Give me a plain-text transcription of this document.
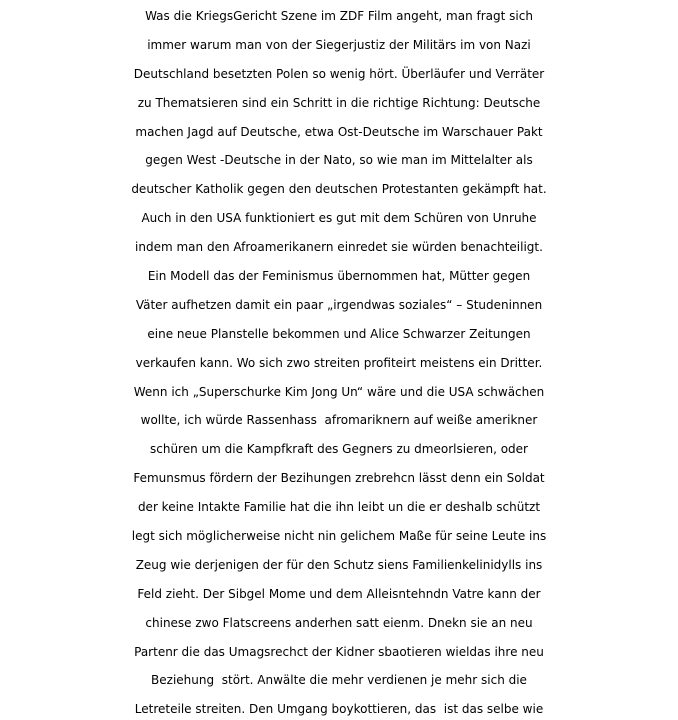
Was die KriegsGericht Szene im ZDF Film angeht, man fragt sich
immer warum man von der Siegerjustiz der Militärs im von Nazi
Deutschland besetzten Polen so wenig hört. Überläufer und Verräter
zu Thematsieren sind ein Schritt in die richtige Richtung: Deutsche
machen Jagd auf Deutsche, etwa Ost-Deutsche im Warschauer Pakt
gegen West -Deutsche in der Nato, so wie man im Mittelalter als
deutscher Katholik gegen den deutschen Protestanten gekämpft hat.
Auch in den USA funktioniert es gut mit dem Schüren von Unruhe
indem man den Afroamerikanern einredet sie würden benachteiligt.
Ein Modell das der Feminismus übernommen hat, Mütter gegen
Väter aufhetzen damit ein paar „irgendwas soziales“ – Studeninnen
eine neue Planstelle bekommen und Alice Schwarzer Zeitungen
verkaufen kann. Wo sich zwo streiten profiteirt meistens ein Dritter.
Wenn ich „Superschurke Kim Jong Un“ wäre und die USA schwächen
wollte, ich würde Rassenhass  afromariknern auf weiße amerikner
schüren um die Kampfkraft des Gegners zu dmeorlsieren, oder
Femunsmus fördern der Bezihungen zrebrehcn lässt denn ein Soldat
der keine Intakte Familie hat die ihn leibt un die er deshalb schützt
legt sich möglicherweise nicht nin gelichem Maße für seine Leute ins
Zeug wie derjenigen der für den Schutz siens Familienkelinidylls ins
Feld zieht. Der Sibgel Mome und dem Alleisntehndn Vatre kann der
chinese zwo Flatscreens anderhen satt eienm. Dnekn sie an neu
Partenr die das Umagsrechct der Kidner sbaotieren wieldas ihre neu
Beziehung  stört. Anwälte die mehr verdienen je mehr sich die
Letreteile streiten. Den Umgang boykottieren, das  ist das selbe wie
